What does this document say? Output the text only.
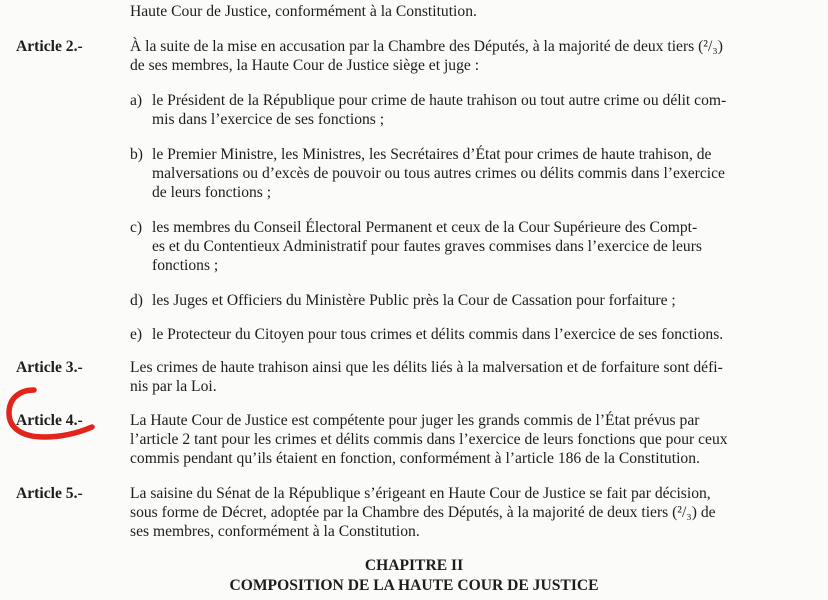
Haute Cour de Justice, conformément à la Constitution.
Article 2.-	À la suite de la mise en accusation par la Chambre des Députés, à la majorité de deux tiers (²/₃)
de ses membres, la Haute Cour de Justice siège et juge :
a) le Président de la République pour crime de haute trahison ou tout autre crime ou délit com-
mis dans l’exercice de ses fonctions ;
b) le Premier Ministre, les Ministres, les Secrétaires d’État pour crimes de haute trahison, de
malversations ou d’excès de pouvoir ou tous autres crimes ou délits commis dans l’exercice
de leurs fonctions ;
c) les membres du Conseil Électoral Permanent et ceux de la Cour Supérieure des Compt-
es et du Contentieux Administratif pour fautes graves commises dans l’exercice de leurs
fonctions ;
d) les Juges et Officiers du Ministère Public près la Cour de Cassation pour forfaiture ;
e) le Protecteur du Citoyen pour tous crimes et délits commis dans l’exercice de ses fonctions.
Article 3.-	Les crimes de haute trahison ainsi que les délits liés à la malversation et de forfaiture sont défi-
nis par la Loi.
Article 4.-	La Haute Cour de Justice est compétente pour juger les grands commis de l’État prévus par
l’article 2 tant pour les crimes et délits commis dans l’exercice de leurs fonctions que pour ceux
commis pendant qu’ils étaient en fonction, conformément à l’article 186 de la Constitution.
Article 5.-	La saisine du Sénat de la République s’érigeant en Haute Cour de Justice se fait par décision,
sous forme de Décret, adoptée par la Chambre des Députés, à la majorité de deux tiers (²/₃) de
ses membres, conformément à la Constitution.
CHAPITRE II
COMPOSITION DE LA HAUTE COUR DE JUSTICE
